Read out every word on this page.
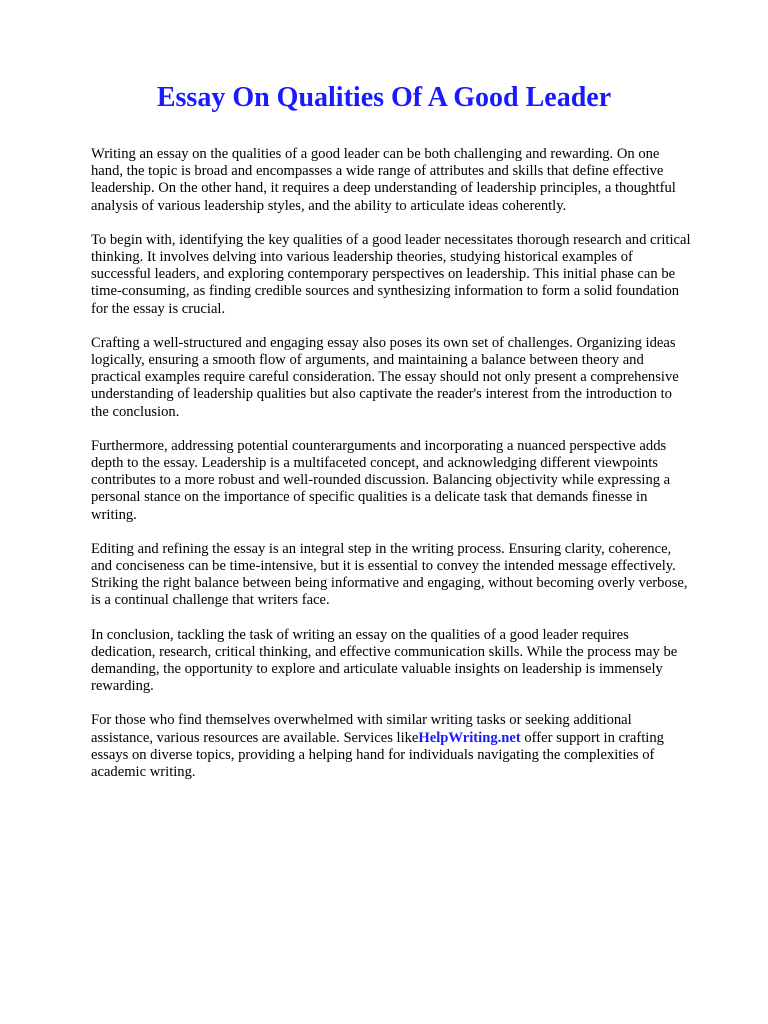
Essay On Qualities Of A Good Leader

Writing an essay on the qualities of a good leader can be both challenging and rewarding. On one hand, the topic is broad and encompasses a wide range of attributes and skills that define effective leadership. On the other hand, it requires a deep understanding of leadership principles, a thoughtful analysis of various leadership styles, and the ability to articulate ideas coherently.

To begin with, identifying the key qualities of a good leader necessitates thorough research and critical thinking. It involves delving into various leadership theories, studying historical examples of successful leaders, and exploring contemporary perspectives on leadership. This initial phase can be time-consuming, as finding credible sources and synthesizing information to form a solid foundation for the essay is crucial.

Crafting a well-structured and engaging essay also poses its own set of challenges. Organizing ideas logically, ensuring a smooth flow of arguments, and maintaining a balance between theory and practical examples require careful consideration. The essay should not only present a comprehensive understanding of leadership qualities but also captivate the reader's interest from the introduction to the conclusion.

Furthermore, addressing potential counterarguments and incorporating a nuanced perspective adds depth to the essay. Leadership is a multifaceted concept, and acknowledging different viewpoints contributes to a more robust and well-rounded discussion. Balancing objectivity while expressing a personal stance on the importance of specific qualities is a delicate task that demands finesse in writing.

Editing and refining the essay is an integral step in the writing process. Ensuring clarity, coherence, and conciseness can be time-intensive, but it is essential to convey the intended message effectively. Striking the right balance between being informative and engaging, without becoming overly verbose, is a continual challenge that writers face.

In conclusion, tackling the task of writing an essay on the qualities of a good leader requires dedication, research, critical thinking, and effective communication skills. While the process may be demanding, the opportunity to explore and articulate valuable insights on leadership is immensely rewarding.

For those who find themselves overwhelmed with similar writing tasks or seeking additional assistance, various resources are available. Services likeHelpWriting.net offer support in crafting essays on diverse topics, providing a helping hand for individuals navigating the complexities of academic writing.
